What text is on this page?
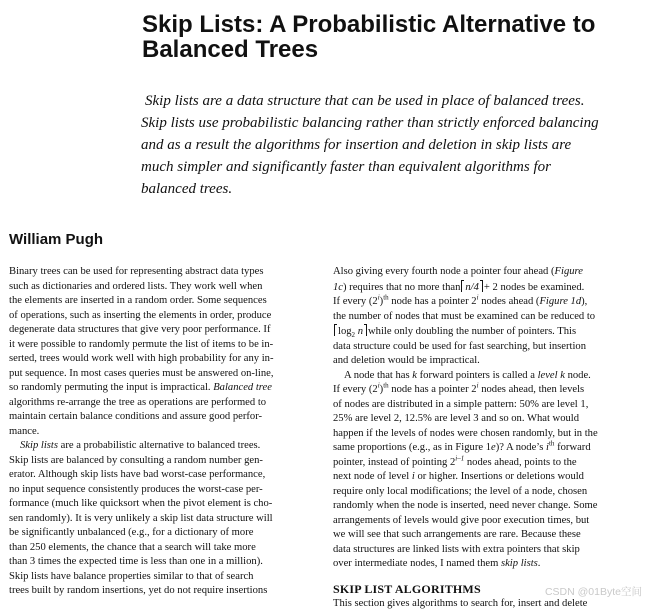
Skip Lists: A Probabilistic Alternative to Balanced Trees
Skip lists are a data structure that can be used in place of balanced trees.
Skip lists use probabilistic balancing rather than strictly enforced balancing
and as a result the algorithms for insertion and deletion in skip lists are
much simpler and significantly faster than equivalent algorithms for
balanced trees.
William Pugh
Binary trees can be used for representing abstract data types
such as dictionaries and ordered lists. They work well when
the elements are inserted in a random order. Some sequences
of operations, such as inserting the elements in order, produce
degenerate data structures that give very poor performance. If
it were possible to randomly permute the list of items to be in-
serted, trees would work well with high probability for any in-
put sequence. In most cases queries must be answered on-line,
so randomly permuting the input is impractical. Balanced tree
algorithms re-arrange the tree as operations are performed to
maintain certain balance conditions and assure good perfor-
mance.
Skip lists are a probabilistic alternative to balanced trees.
Skip lists are balanced by consulting a random number gen-
erator. Although skip lists have bad worst-case performance,
no input sequence consistently produces the worst-case per-
formance (much like quicksort when the pivot element is cho-
sen randomly). It is very unlikely a skip list data structure will
be significantly unbalanced (e.g., for a dictionary of more
than 250 elements, the chance that a search will take more
than 3 times the expected time is less than one in a million).
Skip lists have balance properties similar to that of search
trees built by random insertions, yet do not require insertions
Also giving every fourth node a pointer four ahead (Figure
1c) requires that no more than n/4 + 2 nodes be examined.
If every $(2^i)^{th}$ node has a pointer 2$^i$ nodes ahead (Figure 1d),
the number of nodes that must be examined can be reduced to
$\log_2 n$ while only doubling the number of pointers. This
data structure could be used for fast searching, but insertion
and deletion would be impractical.
A node that has k forward pointers is called a level k node.
If every $(2^i)^{th}$ node has a pointer 2$^i$ nodes ahead, then levels
of nodes are distributed in a simple pattern: 50% are level 1,
25% are level 2, 12.5% are level 3 and so on. What would
happen if the levels of nodes were chosen randomly, but in the
same proportions (e.g., as in Figure 1e)? A node’s $i^{th}$ forward
pointer, instead of pointing 2$^{i-1}$ nodes ahead, points to the
next node of level i or higher. Insertions or deletions would
require only local modifications; the level of a node, chosen
randomly when the node is inserted, need never change. Some
arrangements of levels would give poor execution times, but
we will see that such arrangements are rare. Because these
data structures are linked lists with extra pointers that skip
over intermediate nodes, I named them skip lists.
SKIP LIST ALGORITHMS
This section gives algorithms to search for, insert and delete
CSDN @01Byte空间
